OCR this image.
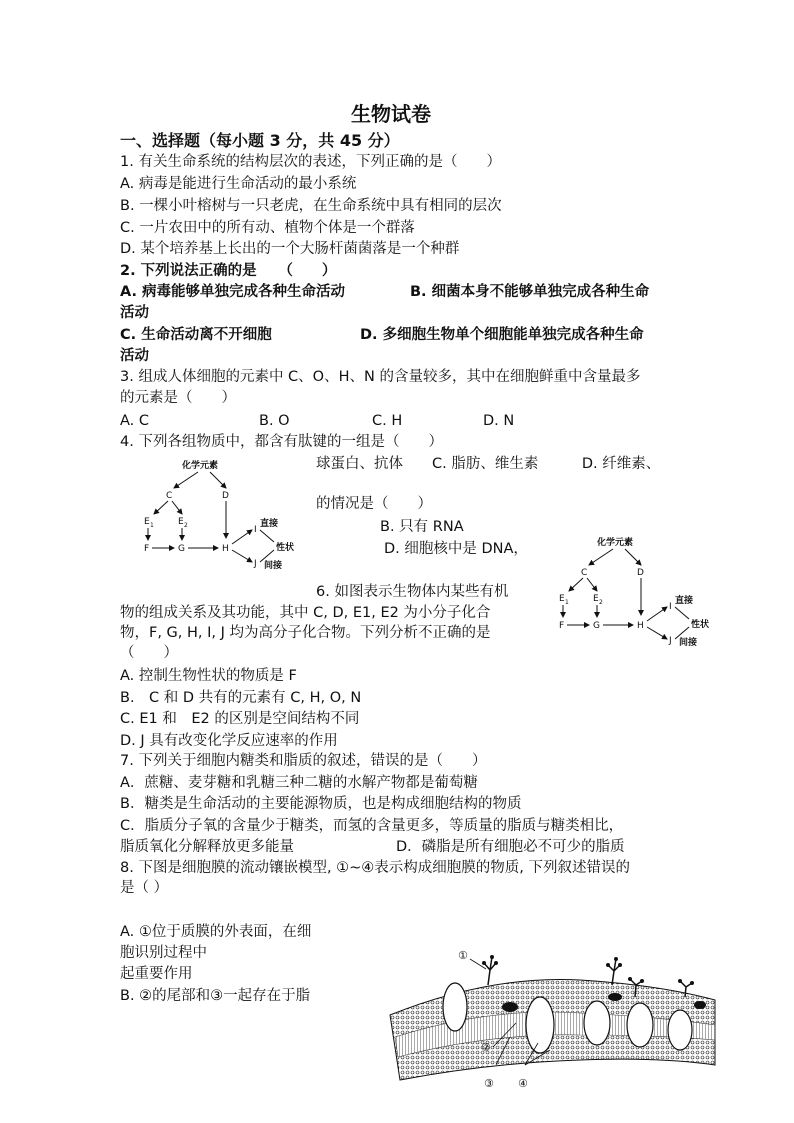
生物试卷
一、选择题（每小题 3 分，共 45 分）
1. 有关生命系统的结构层次的表述，下列正确的是（　　）
A. 病毒是能进行生命活动的最小系统
B. 一棵小叶榕树与一只老虎，在生命系统中具有相同的层次
C. 一片农田中的所有动、植物个体是一个群落
D. 某个培养基上长出的一个大肠杆菌菌落是一个种群
2. 下列说法正确的是　　（　　）
A. 病毒能够单独完成各种生命活动	B. 细菌本身不能够单独完成各种生命
活动
C. 生命活动离不开细胞	D. 多细胞生物单个细胞能单独完成各种生命
活动
3. 组成人体细胞的元素中 C、O、H、N 的含量较多，其中在细胞鲜重中含量最多
的元素是（　　）
A. C	B. O	C. H	D. N
4. 下列各组物质中，都含有肽键的一组是（　　）
球蛋白、抗体　　C. 脂肪、维生素　　　D. 纤维素、
的情况是（　　）
B. 只有 RNA
D. 细胞核中是 DNA，
化学元素
C	D
E 1	E 2
F	G	H
I
J
直接
性状
间接
化学元素
C	D
E 1	E 2
F	G	H
I
J
直接
性状
间接
6. 如图表示生物体内某些有机
物的组成关系及其功能，其中 C, D, E1, E2 为小分子化合
物，F, G, H, I, J 均为高分子化合物。下列分析不正确的是
（　　）
A. 控制生物性状的物质是 F
B.　C 和 D 共有的元素有 C, H, O, N
C. E1 和　E2 的区别是空间结构不同
D. J 具有改变化学反应速率的作用
7. 下列关于细胞内糖类和脂质的叙述，错误的是（　　）
A．蔗糖、麦芽糖和乳糖三种二糖的水解产物都是葡萄糖
B．糖类是生命活动的主要能源物质，也是构成细胞结构的物质
C．脂质分子氧的含量少于糖类，而氢的含量更多，等质量的脂质与糖类相比，
脂质氧化分解释放更多能量	D．磷脂是所有细胞必不可少的脂质
8. 下图是细胞膜的流动镶嵌模型, ①~④表示构成细胞膜的物质, 下列叙述错误的
是（ ）
A. ①位于质膜的外表面，在细
胞识别过程中
起重要作用
B. ②的尾部和③一起存在于脂
①
②
③ ④
